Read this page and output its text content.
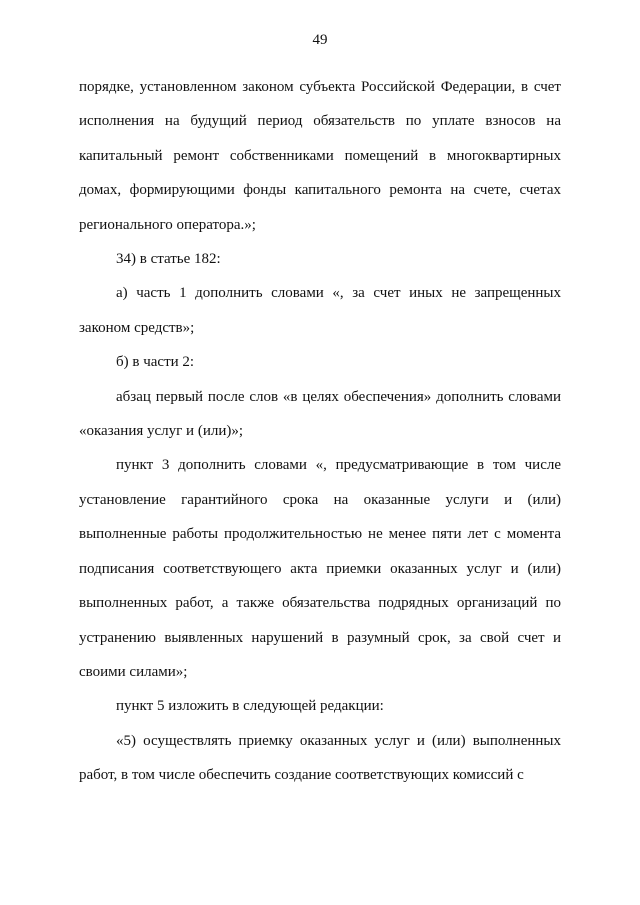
49

порядке, установленном законом субъекта Российской Федерации, в счет исполнения на будущий период обязательств по уплате взносов на капитальный ремонт собственниками помещений в многоквартирных домах, формирующими фонды капитального ремонта на счете, счетах регионального оператора.»;

34) в статье 182:

а) часть 1 дополнить словами «, за счет иных не запрещенных законом средств»;

б) в части 2:

абзац первый после слов «в целях обеспечения» дополнить словами «оказания услуг и (или)»;

пункт 3 дополнить словами «, предусматривающие в том числе установление гарантийного срока на оказанные услуги и (или) выполненные работы продолжительностью не менее пяти лет с момента подписания соответствующего акта приемки оказанных услуг и (или) выполненных работ, а также обязательства подрядных организаций по устранению выявленных нарушений в разумный срок, за свой счет и своими силами»;

пункт 5 изложить в следующей редакции:

«5) осуществлять приемку оказанных услуг и (или) выполненных работ, в том числе обеспечить создание соответствующих комиссий с
